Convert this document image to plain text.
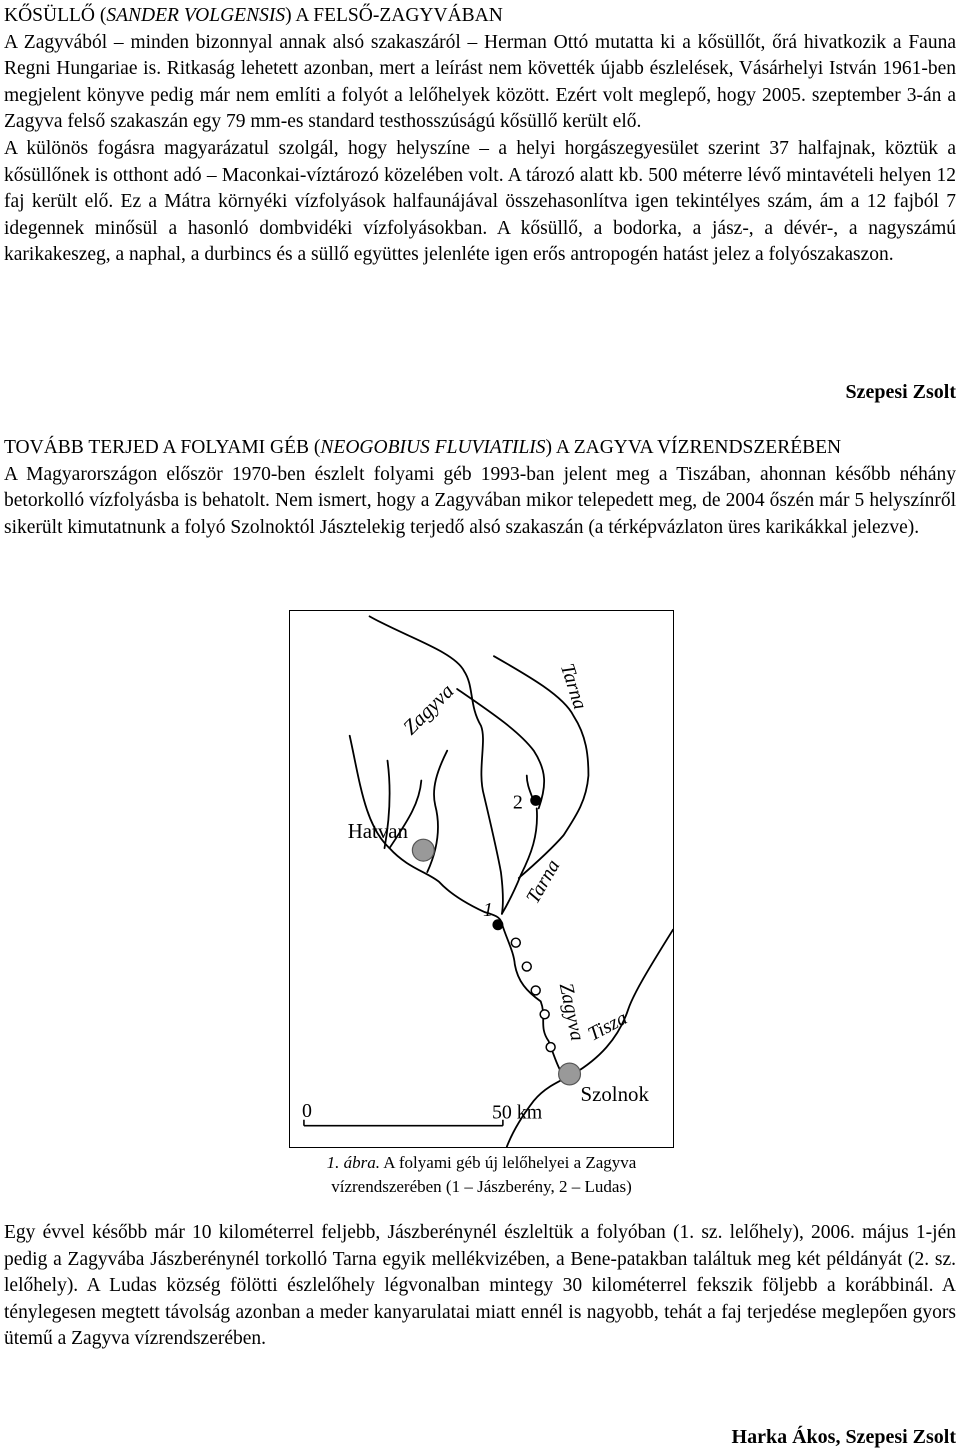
KŐSÜLLŐ (SANDER VOLGENSIS) A FELSŐ-ZAGYVÁBAN

A Zagyvából – minden bizonnyal annak alsó szakaszáról – Herman Ottó mutatta ki a kősüllőt, őrá hivatkozik a Fauna Regni Hungariae is. Ritkaság lehetett azonban, mert a leírást nem követték újabb észlelések, Vásárhelyi István 1961-ben megjelent könyve pedig már nem említi a folyót a lelőhelyek között. Ezért volt meglepő, hogy 2005. szeptember 3-án a Zagyva felső szakaszán egy 79 mm-es standard testhosszúságú kősüllő került elő.

A különös fogásra magyarázatul szolgál, hogy helyszíne – a helyi horgászegyesület szerint 37 halfajnak, köztük a kősüllőnek is otthont adó – Maconkai-víztározó közelében volt. A tározó alatt kb. 500 méterre lévő mintavételi helyen 12 faj került elő. Ez a Mátra környéki vízfolyások halfaunájával összehasonlítva igen tekintélyes szám, ám a 12 fajból 7 idegennek minősül a hasonló dombvidéki vízfolyásokban. A kősüllő, a bodorka, a jász-, a dévér-, a nagyszámú karikakeszeg, a naphal, a durbincs és a süllő együttes jelenléte igen erős antropogén hatást jelez a folyószakaszon.

Szepesi Zsolt

TOVÁBB TERJED A FOLYAMI GÉB (NEOGOBIUS FLUVIATILIS) A ZAGYVA VÍZRENDSZERÉBEN

A Magyarországon először 1970-ben észlelt folyami géb 1993-ban jelent meg a Tiszában, ahonnan később néhány betorkolló vízfolyásba is behatolt. Nem ismert, hogy a Zagyvában mikor telepedett meg, de 2004 őszén már 5 helyszínről sikerült kimutatnunk a folyó Szolnoktól Jásztelekig terjedő alsó szakaszán (a térképvázlaton üres karikákkal jelezve).

Zagyva	Tarna
Hatvan
2
Tarna
1
Zagyva
Tisza
Szolnok
0	50 km
1. ábra. A folyami géb új lelőhelyei a Zagyva vízrendszerében (1 – Jászberény, 2 – Ludas)

Egy évvel később már 10 kilométerrel feljebb, Jászberénynél észleltük a folyóban (1. sz. lelőhely), 2006. május 1-jén pedig a Zagyvába Jászberénynél torkolló Tarna egyik mellékvizében, a Bene-patakban találtuk meg két példányát (2. sz. lelőhely). A Ludas község fölötti észlelőhely légvonalban mintegy 30 kilométerrel fekszik följebb a korábbinál. A ténylegesen megtett távolság azonban a meder kanyarulatai miatt ennél is nagyobb, tehát a faj terjedése meglepően gyors ütemű a Zagyva vízrendszerében.

Harka Ákos, Szepesi Zsolt
